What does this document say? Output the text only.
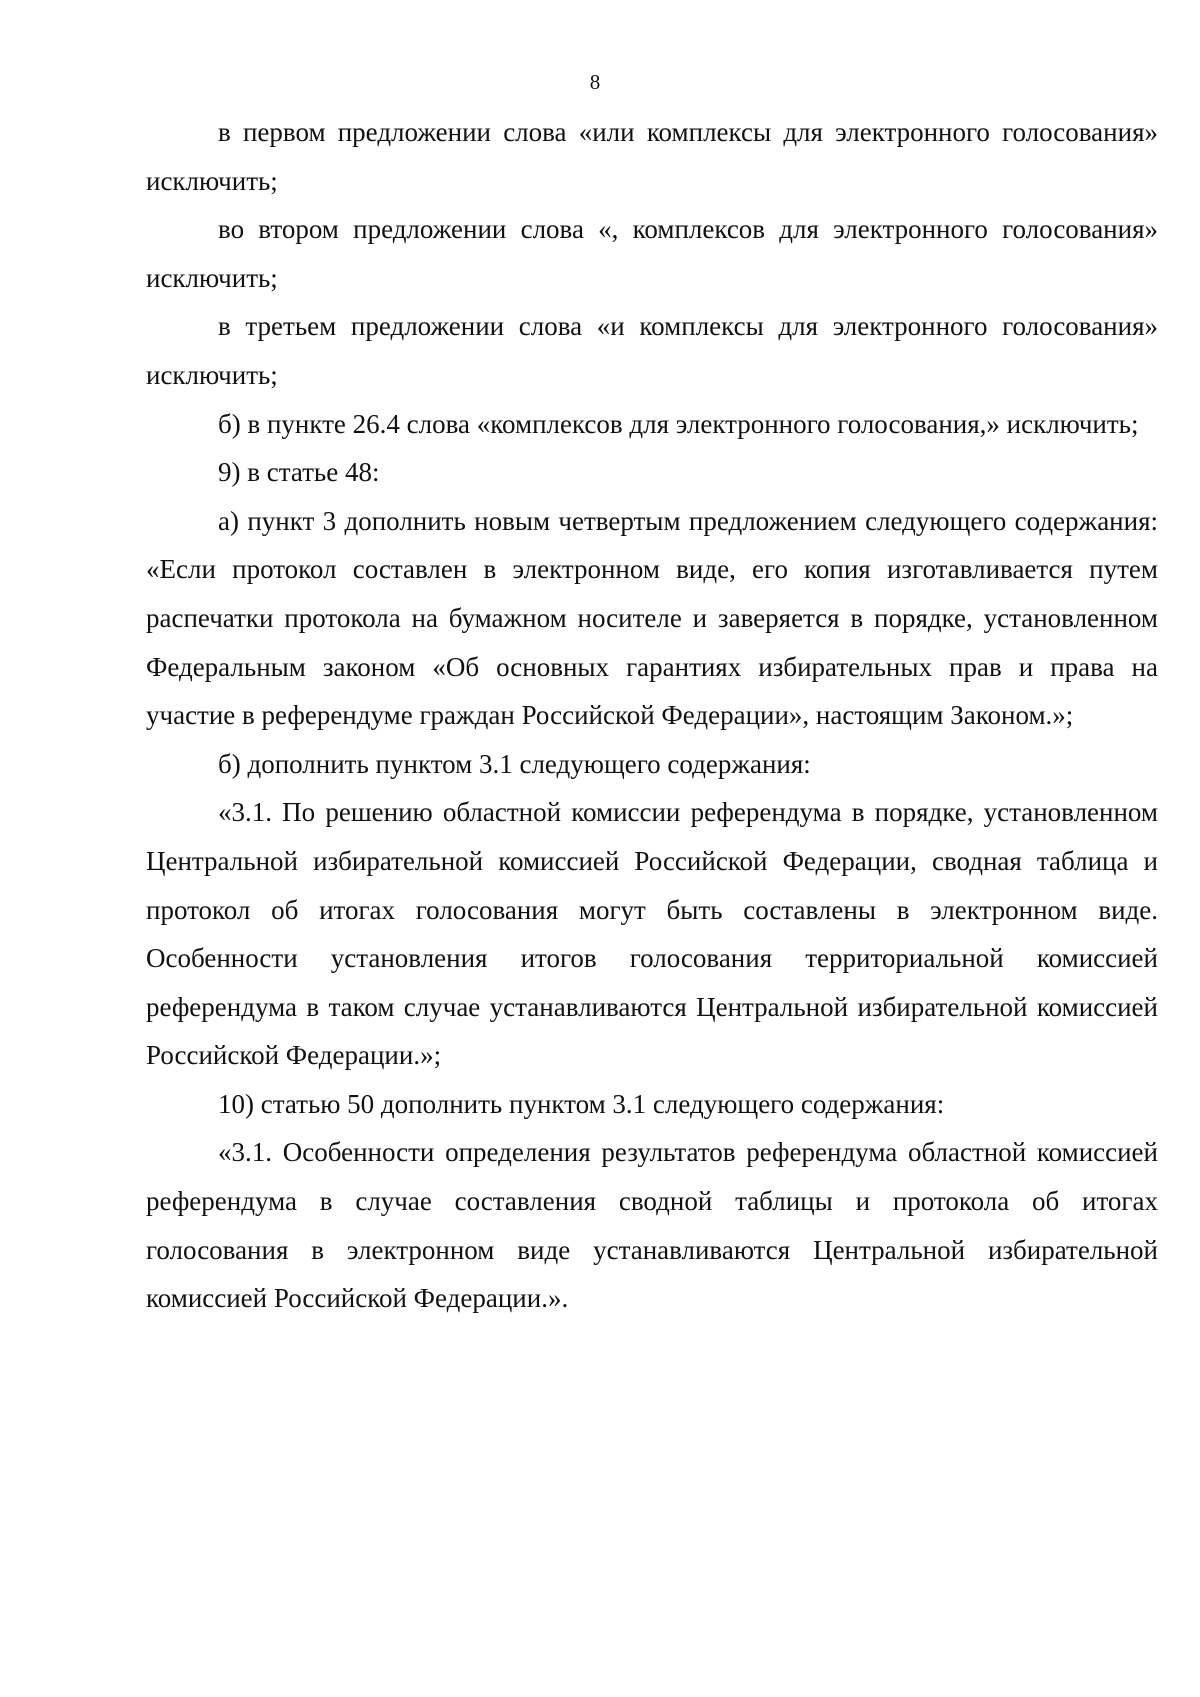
8

в первом предложении слова «или комплексы для электронного голосования» исключить;

во втором предложении слова «, комплексов для электронного голосования» исключить;

в третьем предложении слова «и комплексы для электронного голосования» исключить;

б) в пункте 26.4 слова «комплексов для электронного голосования,» исключить;

9) в статье 48:

а) пункт 3 дополнить новым четвертым предложением следующего содержания: «Если протокол составлен в электронном виде, его копия изготавливается путем распечатки протокола на бумажном носителе и заверяется в порядке, установленном Федеральным законом «Об основных гарантиях избирательных прав и права на участие в референдуме граждан Российской Федерации», настоящим Законом.»;

б) дополнить пунктом 3.1 следующего содержания:

«3.1. По решению областной комиссии референдума в порядке, установленном Центральной избирательной комиссией Российской Федерации, сводная таблица и протокол об итогах голосования могут быть составлены в электронном виде. Особенности установления итогов голосования территориальной комиссией референдума в таком случае устанавливаются Центральной избирательной комиссией Российской Федерации.»;

10) статью 50 дополнить пунктом 3.1 следующего содержания:

«3.1. Особенности определения результатов референдума областной комиссией референдума в случае составления сводной таблицы и протокола об итогах голосования в электронном виде устанавливаются Центральной избирательной комиссией Российской Федерации.».
